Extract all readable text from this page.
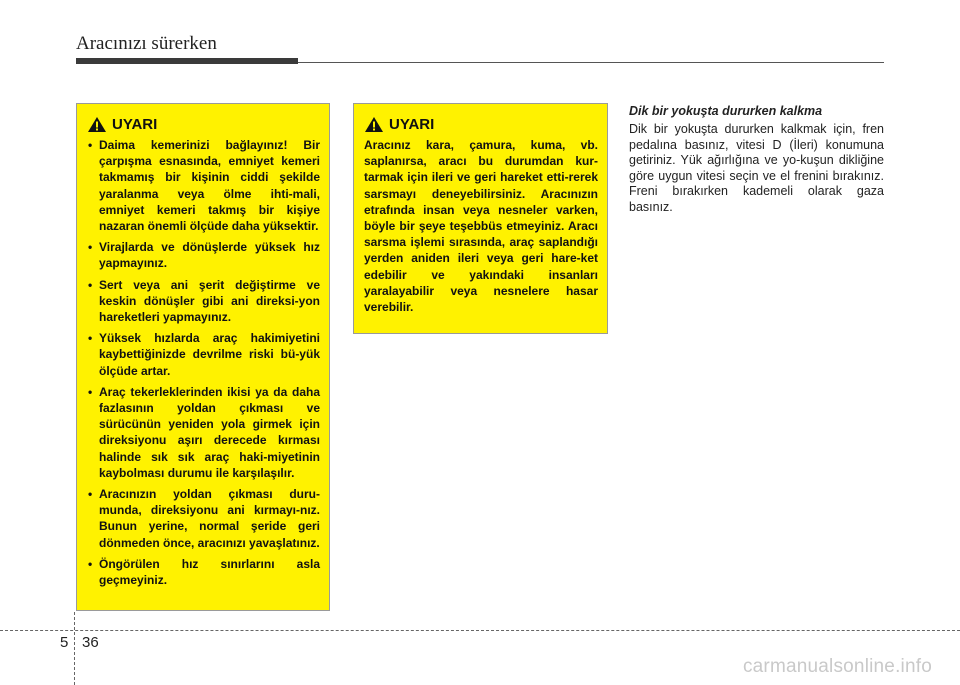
Aracınızı sürerken
UYARI
• Daima kemerinizi bağlayınız! Bir çarpışma esnasında, emniyet kemeri takmamış bir kişinin ciddi şekilde yaralanma veya ölme ihti-mali, emniyet kemeri takmış bir kişiye nazaran önemli ölçüde daha yüksektir.
• Virajlarda ve dönüşlerde yüksek hız yapmayınız.
• Sert veya ani şerit değiştirme ve keskin dönüşler gibi ani direksi-yon hareketleri yapmayınız.
• Yüksek hızlarda araç hakimiyetini kaybettiğinizde devrilme riski bü-yük ölçüde artar.
• Araç tekerleklerinden ikisi ya da daha fazlasının yoldan çıkması ve sürücünün yeniden yola girmek için direksiyonu aşırı derecede kırması halinde sık sık araç haki-miyetinin kaybolması durumu ile karşılaşılır.
• Aracınızın yoldan çıkması duru-munda, direksiyonu ani kırmayı-nız. Bunun yerine, normal şeride geri dönmeden önce, aracınızı yavaşlatınız.
• Öngörülen hız sınırlarını asla geçmeyiniz.
UYARI

Aracınız kara, çamura, kuma, vb. saplanırsa, aracı bu durumdan kur-tarmak için ileri ve geri hareket etti-rerek sarsmayı deneyebilirsiniz. Aracınızın etrafında insan veya nesneler varken, böyle bir şeye teşebbüs etmeyiniz. Aracı sarsma işlemi sırasında, araç saplandığı yerden aniden ileri veya geri hare-ket edebilir ve yakındaki insanları yaralayabilir veya nesnelere hasar verebilir.

Dik bir yokuşta dururken kalkma

Dik bir yokuşta dururken kalkmak için, fren pedalına basınız, vitesi D (İleri) konumuna getiriniz. Yük ağırlığına ve yo-kuşun dikliğine göre uygun vitesi seçin ve el frenini bırakınız. Freni bırakırken kademeli olarak gaza basınız.

5 36
carmanualsonline.info
